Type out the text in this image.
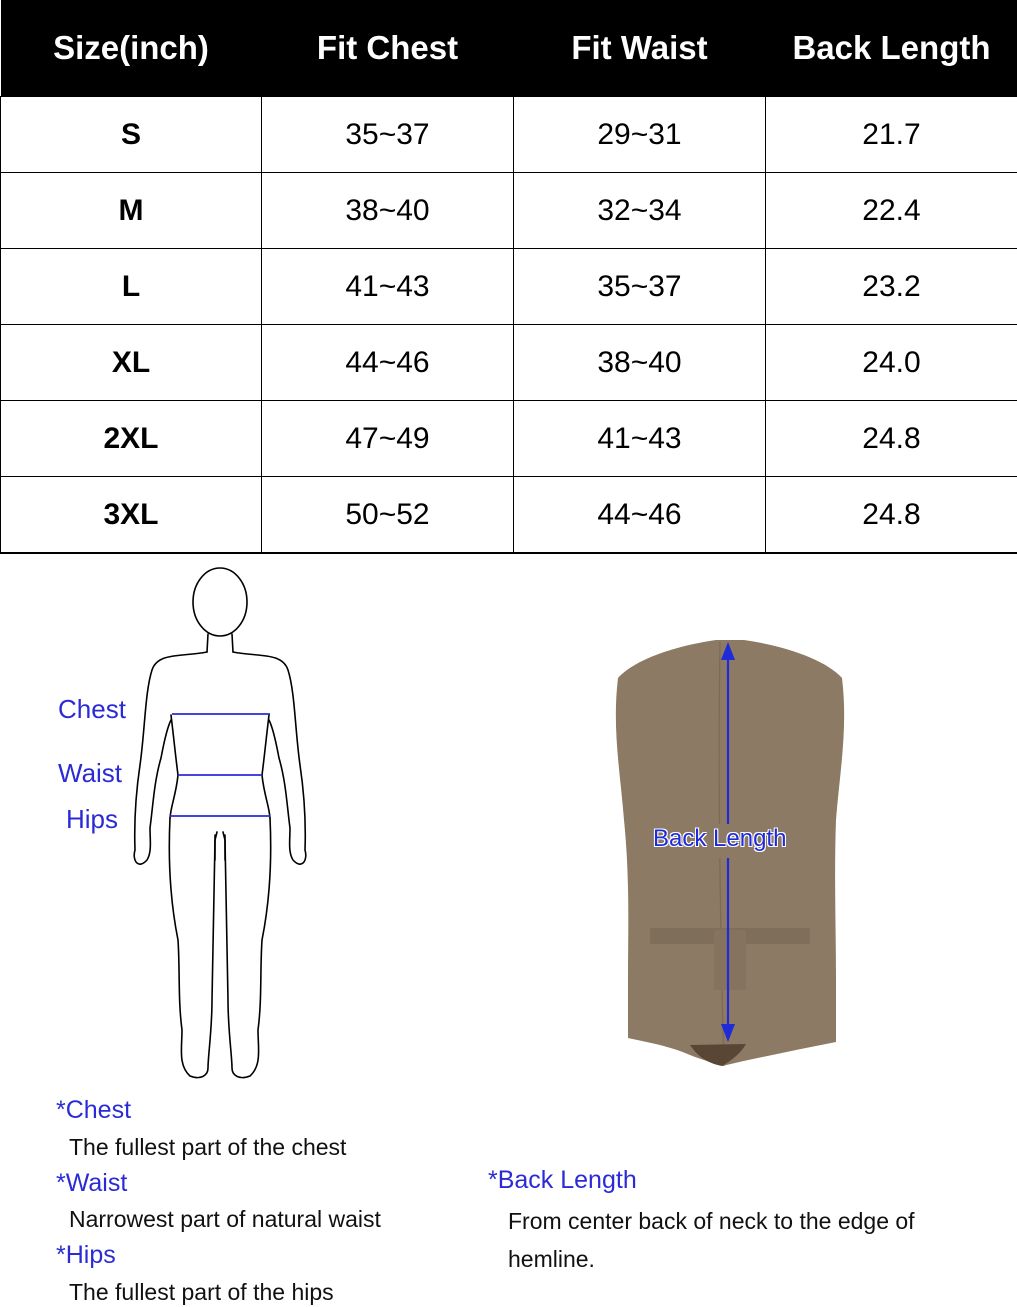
Size(inch)	Fit Chest	Fit Waist	Back Length
S	35~37	29~31	21.7
M	38~40	32~34	22.4
L	41~43	35~37	23.2
XL	44~46	38~40	24.0
2XL	47~49	41~43	24.8
3XL	50~52	44~46	24.8
Chest
Waist
Hips
Back Length
*Chest
The fullest part of the chest
*Waist
Narrowest part of natural waist
*Hips
The fullest part of the hips
*Back Length
From center back of neck to the edge of hemline.
